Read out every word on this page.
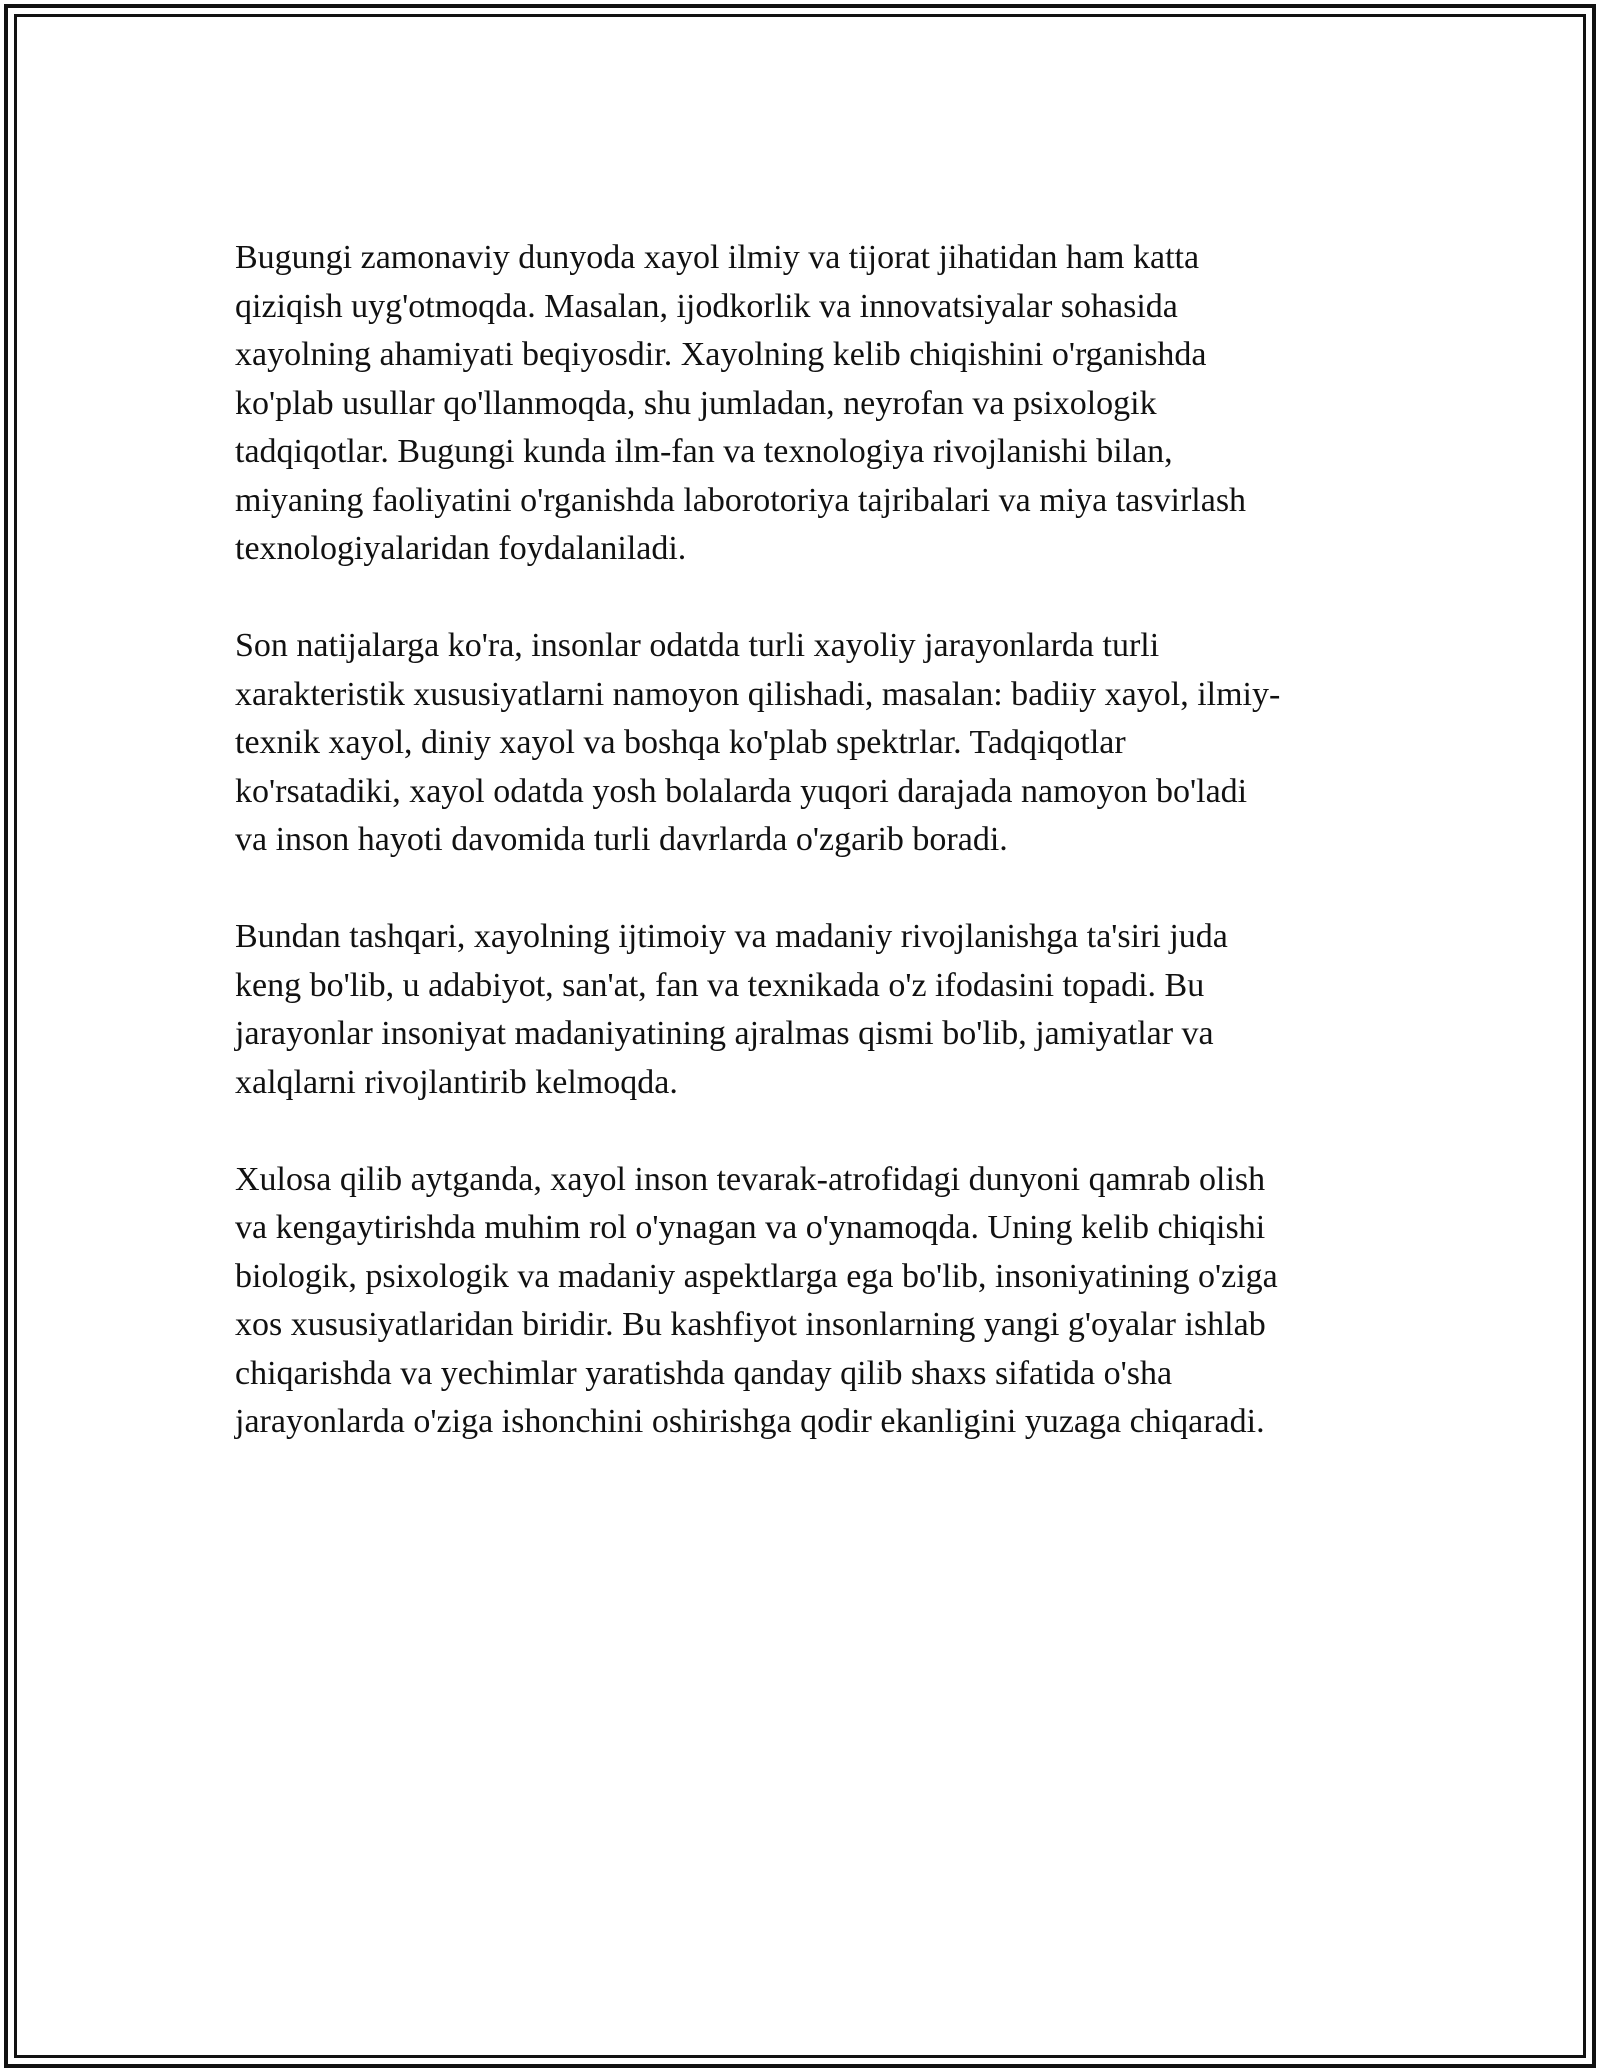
Bugungi zamonaviy dunyoda xayol ilmiy va tijorat jihatidan ham katta
qiziqish uyg'otmoqda. Masalan, ijodkorlik va innovatsiyalar sohasida
xayolning ahamiyati beqiyosdir. Xayolning kelib chiqishini o'rganishda
ko'plab usullar qo'llanmoqda, shu jumladan, neyrofan va psixologik
tadqiqotlar. Bugungi kunda ilm-fan va texnologiya rivojlanishi bilan,
miyaning faoliyatini o'rganishda laborotoriya tajribalari va miya tasvirlash
texnologiyalaridan foydalaniladi.

Son natijalarga ko'ra, insonlar odatda turli xayoliy jarayonlarda turli
xarakteristik xususiyatlarni namoyon qilishadi, masalan: badiiy xayol, ilmiy-
texnik xayol, diniy xayol va boshqa ko'plab spektrlar. Tadqiqotlar
ko'rsatadiki, xayol odatda yosh bolalarda yuqori darajada namoyon bo'ladi
va inson hayoti davomida turli davrlarda o'zgarib boradi.

Bundan tashqari, xayolning ijtimoiy va madaniy rivojlanishga ta'siri juda
keng bo'lib, u adabiyot, san'at, fan va texnikada o'z ifodasini topadi. Bu
jarayonlar insoniyat madaniyatining ajralmas qismi bo'lib, jamiyatlar va
xalqlarni rivojlantirib kelmoqda.

Xulosa qilib aytganda, xayol inson tevarak-atrofidagi dunyoni qamrab olish
va kengaytirishda muhim rol o'ynagan va o'ynamoqda. Uning kelib chiqishi
biologik, psixologik va madaniy aspektlarga ega bo'lib, insoniyatining o'ziga
xos xususiyatlaridan biridir. Bu kashfiyot insonlarning yangi g'oyalar ishlab
chiqarishda va yechimlar yaratishda qanday qilib shaxs sifatida o'sha
jarayonlarda o'ziga ishonchini oshirishga qodir ekanligini yuzaga chiqaradi.
